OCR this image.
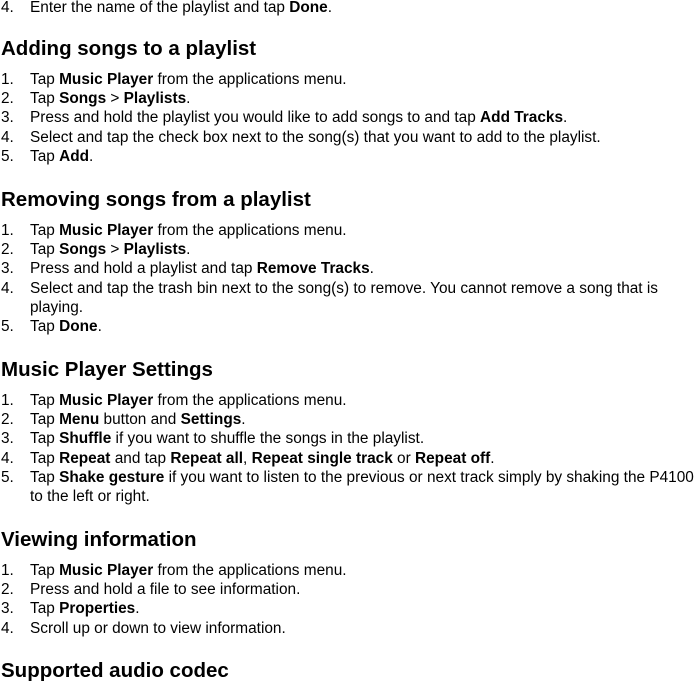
4. Enter the name of the playlist and tap Done.
Adding songs to a playlist
1. Tap Music Player from the applications menu.
2. Tap Songs > Playlists.
3. Press and hold the playlist you would like to add songs to and tap Add Tracks.
4. Select and tap the check box next to the song(s) that you want to add to the playlist.
5. Tap Add.
Removing songs from a playlist
1. Tap Music Player from the applications menu.
2. Tap Songs > Playlists.
3. Press and hold a playlist and tap Remove Tracks.
4. Select and tap the trash bin next to the song(s) to remove. You cannot remove a song that is playing.
5. Tap Done.
Music Player Settings
1. Tap Music Player from the applications menu.
2. Tap Menu button and Settings.
3. Tap Shuffle if you want to shuffle the songs in the playlist.
4. Tap Repeat and tap Repeat all, Repeat single track or Repeat off.
5. Tap Shake gesture if you want to listen to the previous or next track simply by shaking the P4100 to the left or right.
Viewing information
1. Tap Music Player from the applications menu.
2. Press and hold a file to see information.
3. Tap Properties.
4. Scroll up or down to view information.
Supported audio codec
